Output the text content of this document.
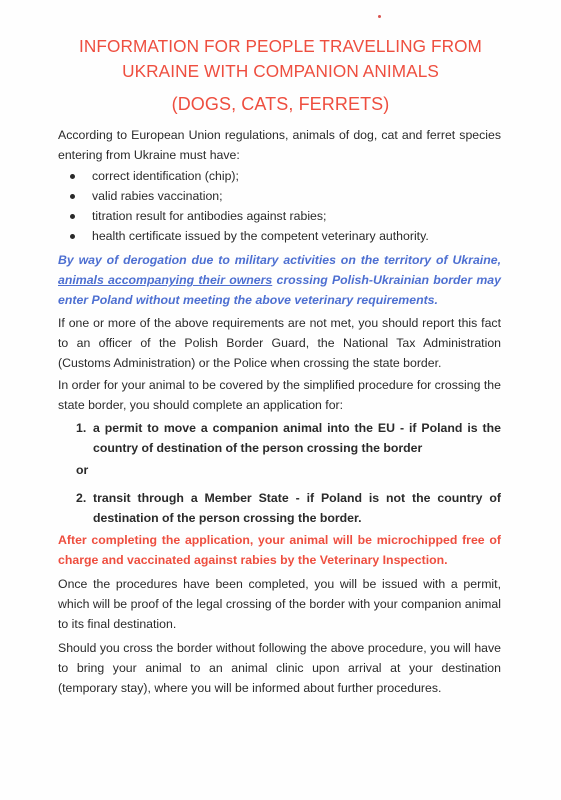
INFORMATION FOR PEOPLE TRAVELLING FROM
UKRAINE WITH COMPANION ANIMALS
(DOGS, CATS, FERRETS)
According to European Union regulations, animals of dog, cat and ferret species entering from Ukraine must have:
correct identification (chip);
valid rabies vaccination;
titration result for antibodies against rabies;
health certificate issued by the competent veterinary authority.
By way of derogation due to military activities on the territory of Ukraine, animals accompanying their owners crossing Polish-Ukrainian border may enter Poland without meeting the above veterinary requirements.
If one or more of the above requirements are not met, you should report this fact to an officer of the Polish Border Guard, the National Tax Administration (Customs Administration) or the Police when crossing the state border.
In order for your animal to be covered by the simplified procedure for crossing the state border, you should complete an application for:
1. a permit to move a companion animal into the EU - if Poland is the country of destination of the person crossing the border
or
2. transit through a Member State - if Poland is not the country of destination of the person crossing the border.
After completing the application, your animal will be microchipped free of charge and vaccinated against rabies by the Veterinary Inspection.
Once the procedures have been completed, you will be issued with a permit, which will be proof of the legal crossing of the border with your companion animal to its final destination.
Should you cross the border without following the above procedure, you will have to bring your animal to an animal clinic upon arrival at your destination (temporary stay), where you will be informed about further procedures.
